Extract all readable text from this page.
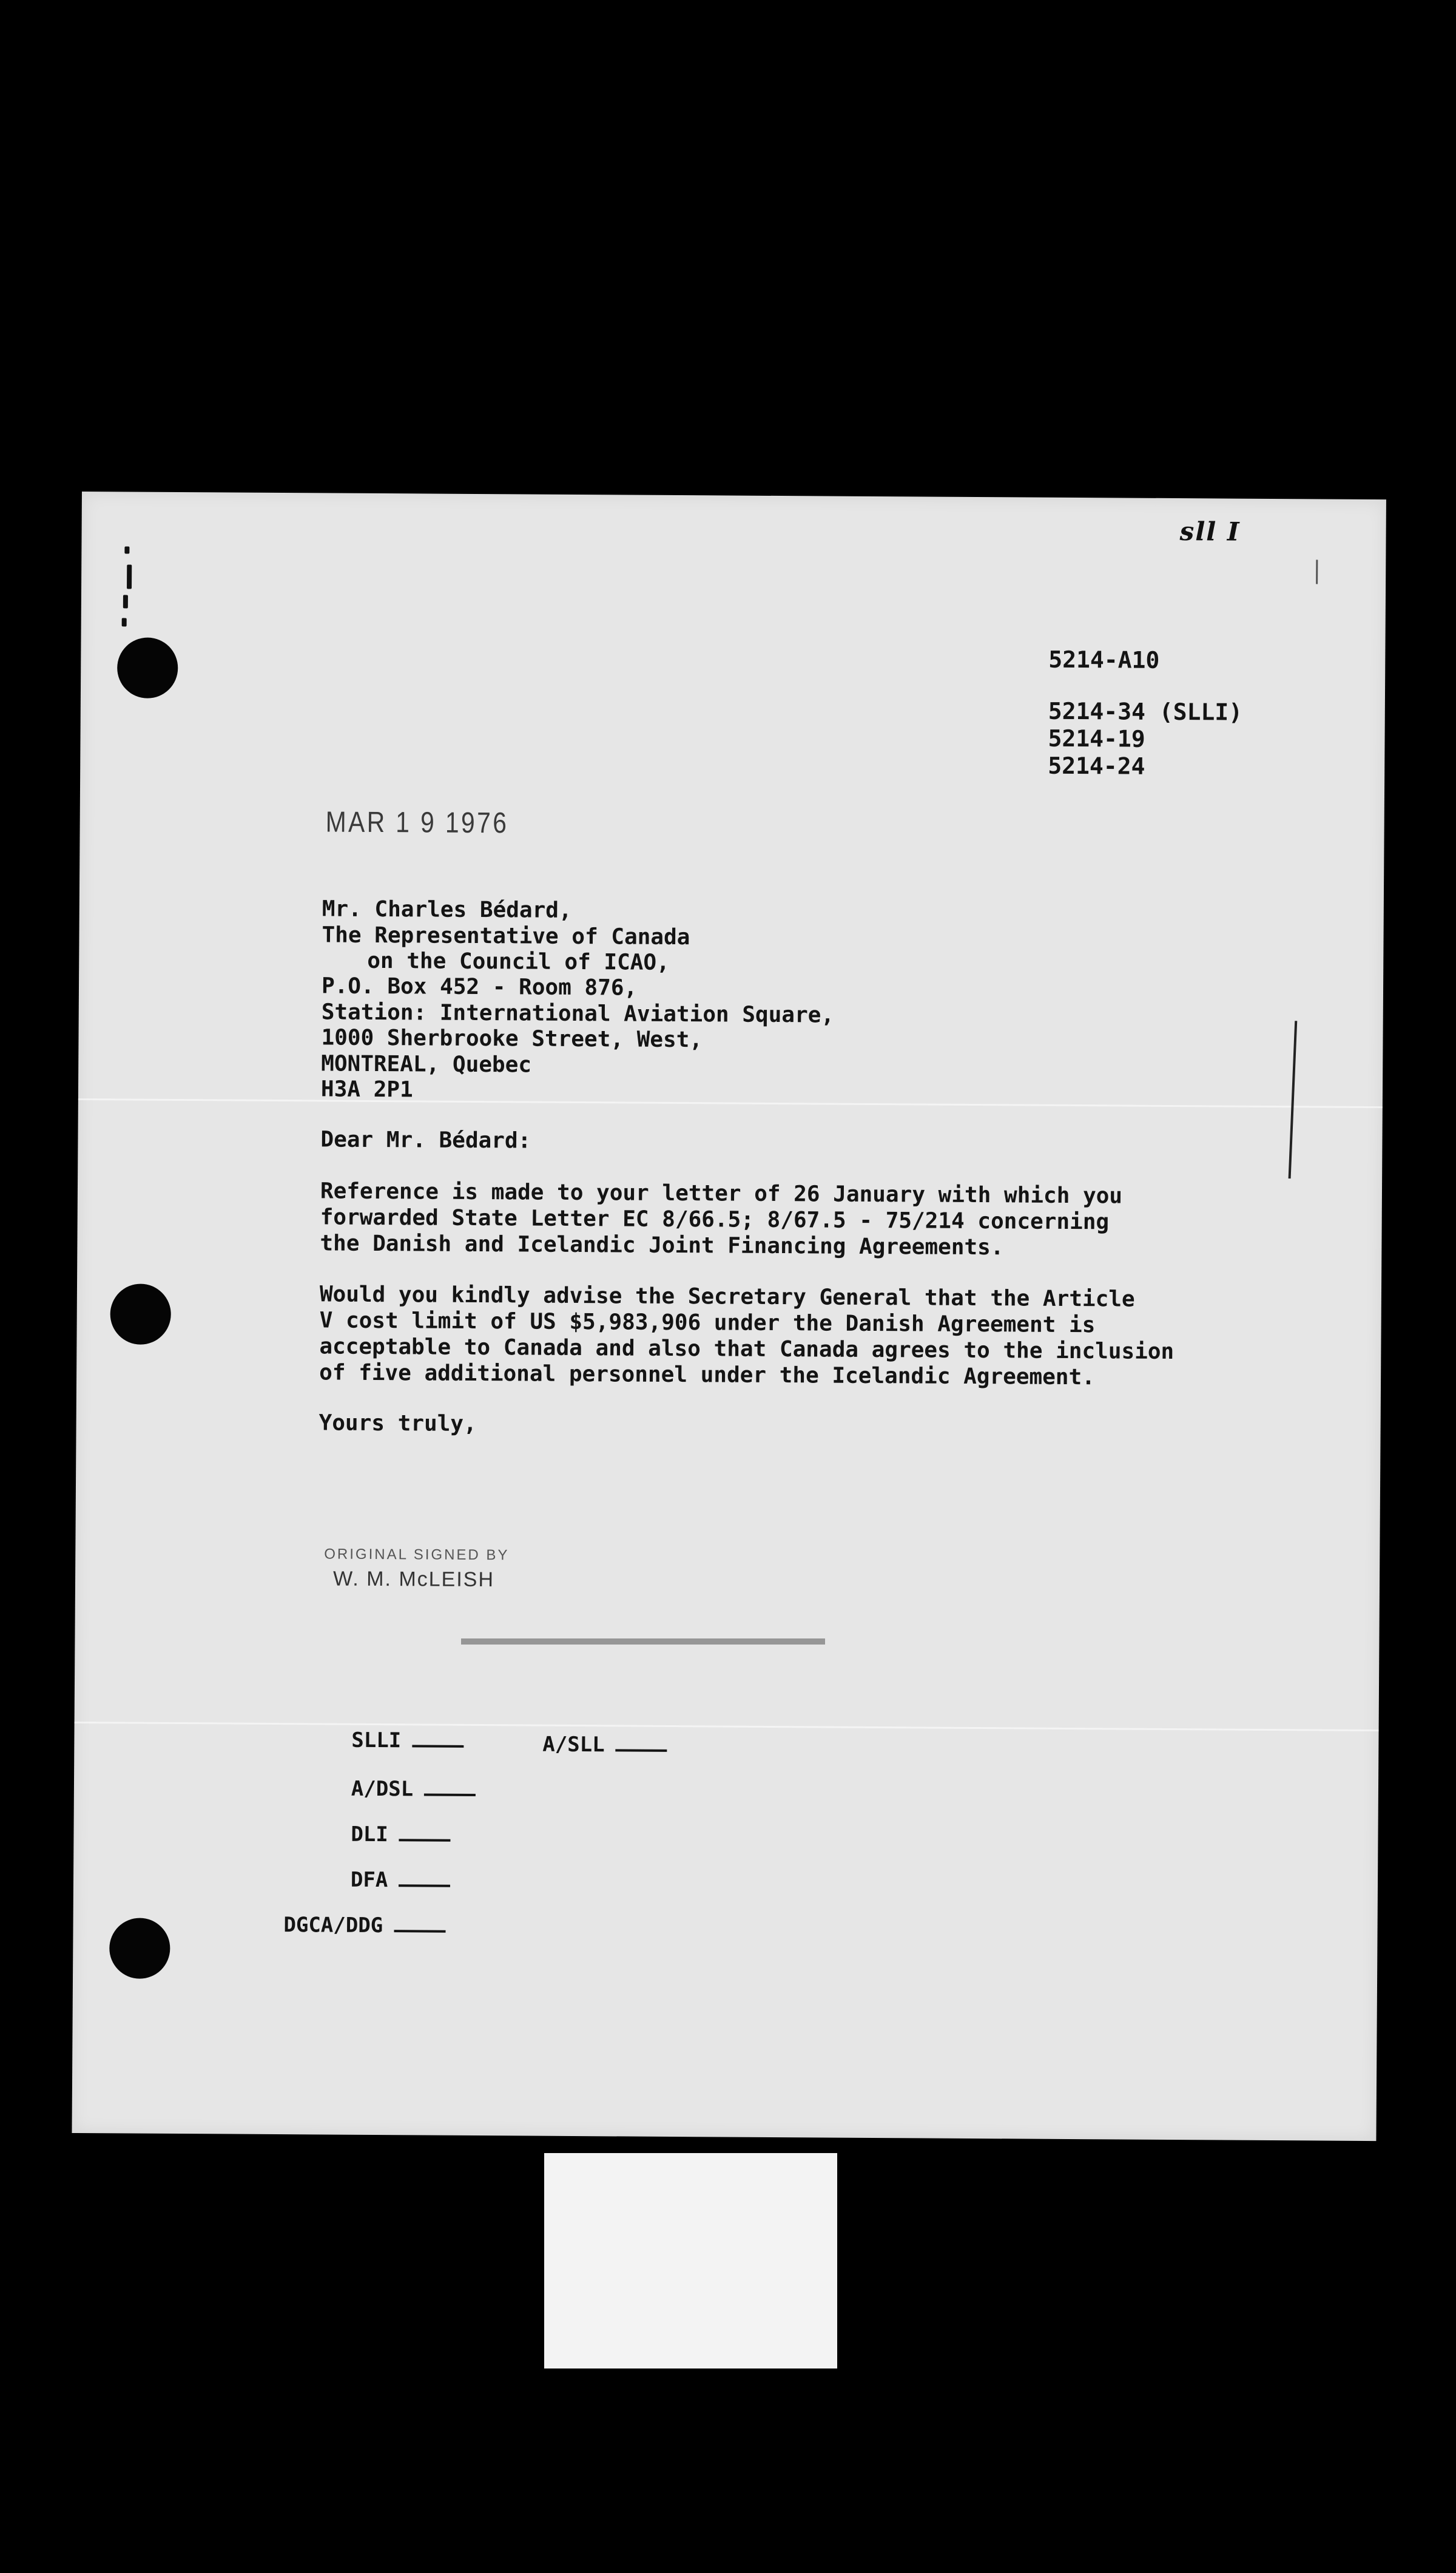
sll I
5214-A10
5214-34 (SLLI)
5214-19
5214-24
MAR 1 9 1976
Mr. Charles Bédard,
The Representative of Canada
on the Council of ICAO,
P.O. Box 452 - Room 876,
Station: International Aviation Square,
1000 Sherbrooke Street, West,
MONTREAL, Quebec
H3A 2P1
Dear Mr. Bédard:
Reference is made to your letter of 26 January with which you
forwarded State Letter EC 8/66.5; 8/67.5 - 75/214 concerning
the Danish and Icelandic Joint Financing Agreements.
Would you kindly advise the Secretary General that the Article
V cost limit of US $5,983,906 under the Danish Agreement is
acceptable to Canada and also that Canada agrees to the inclusion
of five additional personnel under the Icelandic Agreement.
Yours truly,
ORIGINAL SIGNED BY
W. M. McLEISH

SLLI
	A/SLL

A/DSL

DLI

DFA

DGCA/DDG
